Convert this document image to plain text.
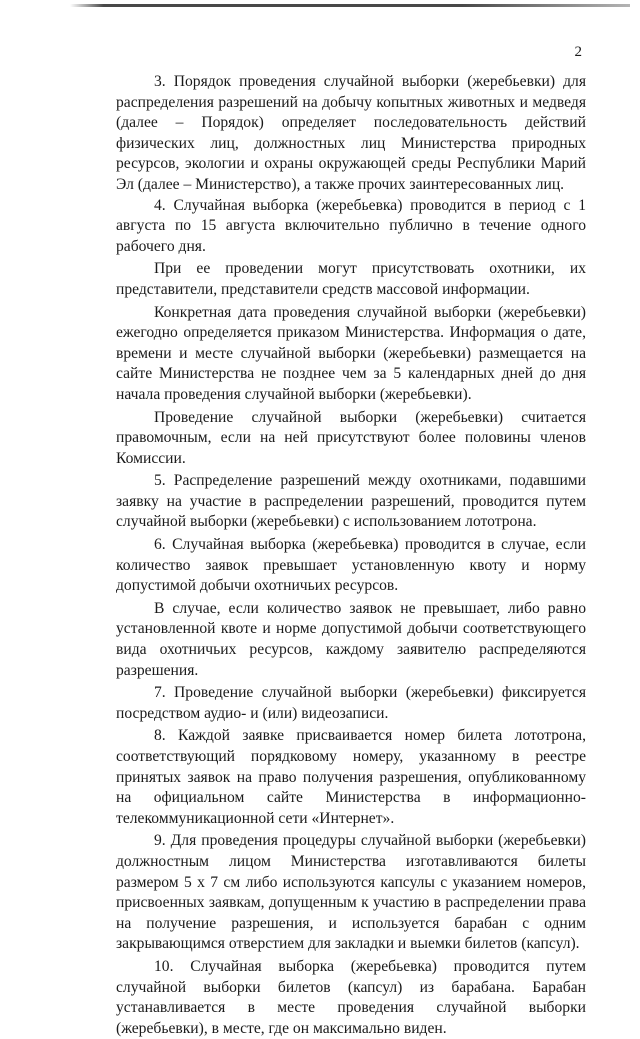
2

3. Порядок проведения случайной выборки (жеребьевки) для распределения разрешений на добычу копытных животных и медведя (далее – Порядок) определяет последовательность действий физических лиц, должностных лиц Министерства природных ресурсов, экологии и охраны окружающей среды Республики Марий Эл (далее – Министерство), а также прочих заинтересованных лиц.

4. Случайная выборка (жеребьевка) проводится в период с 1 августа по 15 августа включительно публично в течение одного рабочего дня.

При ее проведении могут присутствовать охотники, их представители, представители средств массовой информации.

Конкретная дата проведения случайной выборки (жеребьевки) ежегодно определяется приказом Министерства. Информация о дате, времени и месте случайной выборки (жеребьевки) размещается на сайте Министерства не позднее чем за 5 календарных дней до дня начала проведения случайной выборки (жеребьевки).

Проведение случайной выборки (жеребьевки) считается правомочным, если на ней присутствуют более половины членов Комиссии.

5. Распределение разрешений между охотниками, подавшими заявку на участие в распределении разрешений, проводится путем случайной выборки (жеребьевки) с использованием лототрона.

6. Случайная выборка (жеребьевка) проводится в случае, если количество заявок превышает установленную квоту и норму допустимой добычи охотничьих ресурсов.

В случае, если количество заявок не превышает, либо равно установленной квоте и норме допустимой добычи соответствующего вида охотничьих ресурсов, каждому заявителю распределяются разрешения.

7. Проведение случайной выборки (жеребьевки) фиксируется посредством аудио- и (или) видеозаписи.

8. Каждой заявке присваивается номер билета лототрона, соответствующий порядковому номеру, указанному в реестре принятых заявок на право получения разрешения, опубликованному на официальном сайте Министерства в информационно-телекоммуникационной сети «Интернет».

9. Для проведения процедуры случайной выборки (жеребьевки) должностным лицом Министерства изготавливаются билеты размером 5 х 7 см либо используются капсулы с указанием номеров, присвоенных заявкам, допущенным к участию в распределении права на получение разрешения, и используется барабан с одним закрывающимся отверстием для закладки и выемки билетов (капсул).

10. Случайная выборка (жеребьевка) проводится путем случайной выборки билетов (капсул) из барабана. Барабан устанавливается в месте проведения случайной выборки (жеребьевки), в месте, где он максимально виден.
